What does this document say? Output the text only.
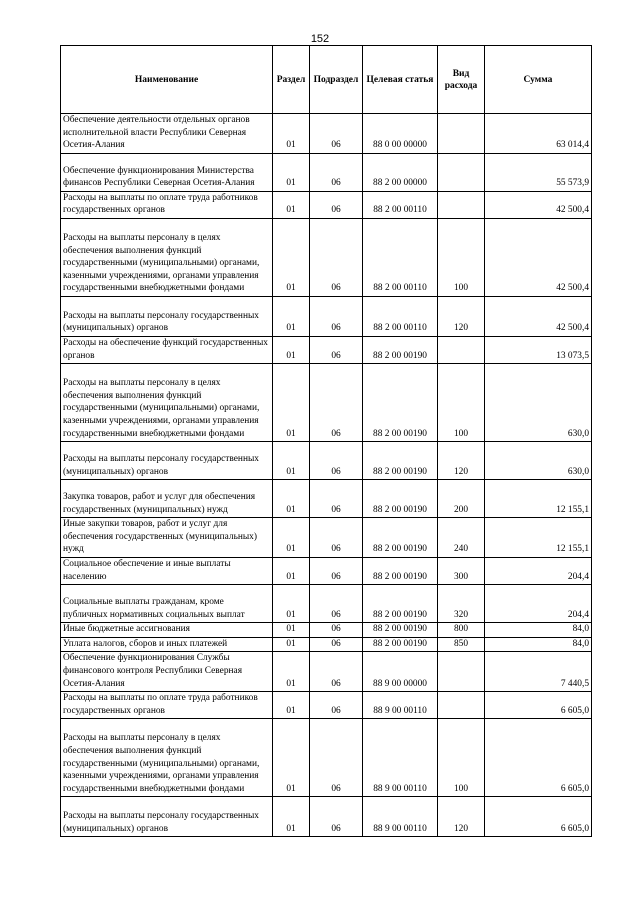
152
Наименование	Раздел	Подраздел	Целевая статья	Вид расхода	Сумма
Обеспечение деятельности отдельных органов исполнительной власти Республики Северная Осетия-Алания	01	06	88 0 00 00000		63 014,4
Обеспечение функционирования Министерства финансов Республики Северная Осетия-Алания	01	06	88 2 00 00000		55 573,9
Расходы на выплаты по оплате труда работников государственных органов	01	06	88 2 00 00110		42 500,4
Расходы на выплаты персоналу в целях обеспечения выполнения функций государственными (муниципальными) органами, казенными учреждениями, органами управления государственными внебюджетными фондами	01	06	88 2 00 00110	100	42 500,4
Расходы на выплаты персоналу государственных (муниципальных) органов	01	06	88 2 00 00110	120	42 500,4
Расходы на обеспечение функций государственных органов	01	06	88 2 00 00190		13 073,5
Расходы на выплаты персоналу в целях обеспечения выполнения функций государственными (муниципальными) органами, казенными учреждениями, органами управления государственными внебюджетными фондами	01	06	88 2 00 00190	100	630,0
Расходы на выплаты персоналу государственных (муниципальных) органов	01	06	88 2 00 00190	120	630,0
Закупка товаров, работ и услуг для обеспечения государственных (муниципальных) нужд	01	06	88 2 00 00190	200	12 155,1
Иные закупки товаров, работ и услуг для обеспечения государственных (муниципальных) нужд	01	06	88 2 00 00190	240	12 155,1
Социальное обеспечение и иные выплаты населению	01	06	88 2 00 00190	300	204,4
Социальные выплаты гражданам, кроме публичных нормативных социальных выплат	01	06	88 2 00 00190	320	204,4
Иные бюджетные ассигнования	01	06	88 2 00 00190	800	84,0
Уплата налогов, сборов и иных платежей	01	06	88 2 00 00190	850	84,0
Обеспечение функционирования Службы финансового контроля Республики Северная Осетия-Алания	01	06	88 9 00 00000		7 440,5
Расходы на выплаты по оплате труда работников государственных органов	01	06	88 9 00 00110		6 605,0
Расходы на выплаты персоналу в целях обеспечения выполнения функций государственными (муниципальными) органами, казенными учреждениями, органами управления государственными внебюджетными фондами	01	06	88 9 00 00110	100	6 605,0
Расходы на выплаты персоналу государственных (муниципальных) органов	01	06	88 9 00 00110	120	6 605,0
